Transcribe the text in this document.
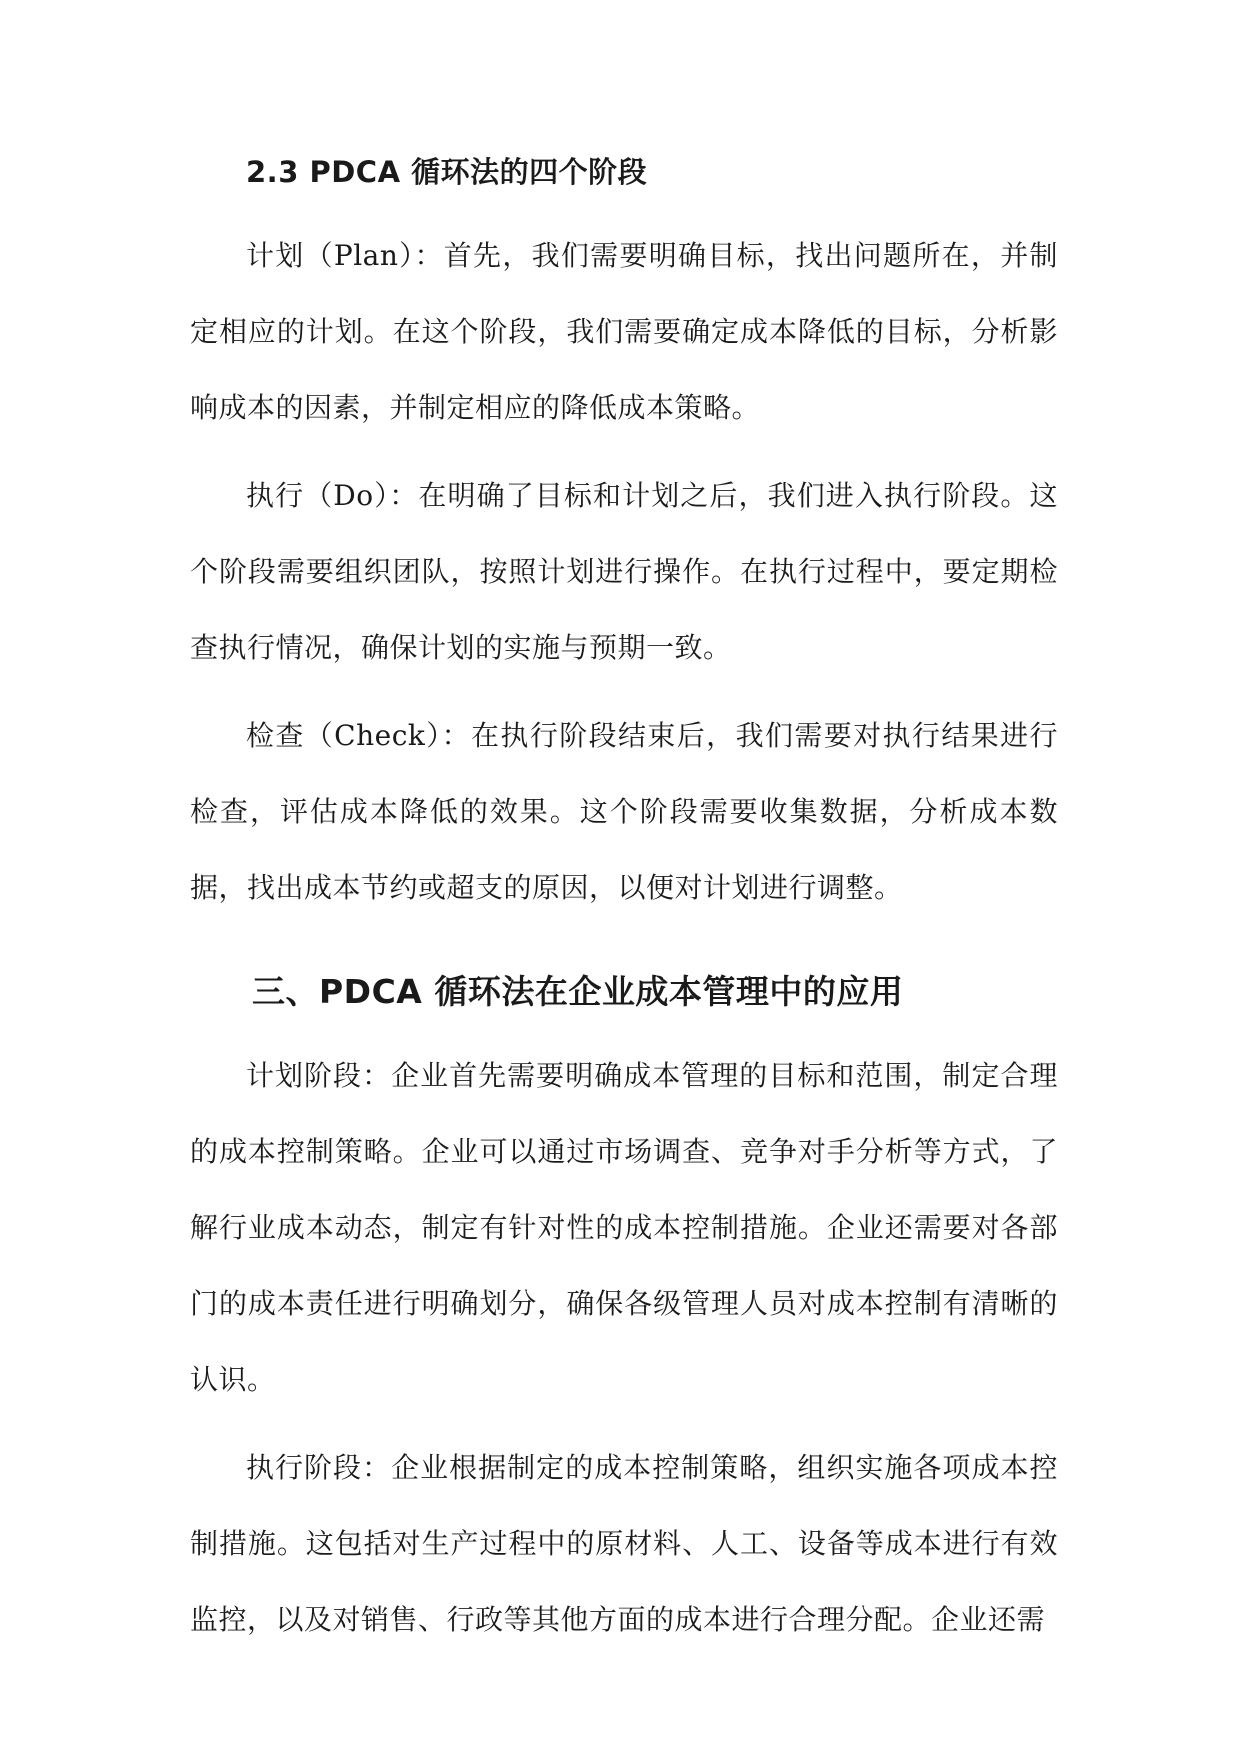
2.3 PDCA 循环法的四个阶段

计划（Plan）：首先，我们需要明确目标，找出问题所在，并制定相应的计划。在这个阶段，我们需要确定成本降低的目标，分析影响成本的因素，并制定相应的降低成本策略。

执行（Do）：在明确了目标和计划之后，我们进入执行阶段。这个阶段需要组织团队，按照计划进行操作。在执行过程中，要定期检查执行情况，确保计划的实施与预期一致。

检查（Check）：在执行阶段结束后，我们需要对执行结果进行检查，评估成本降低的效果。这个阶段需要收集数据，分析成本数据，找出成本节约或超支的原因，以便对计划进行调整。

三、PDCA 循环法在企业成本管理中的应用

计划阶段：企业首先需要明确成本管理的目标和范围，制定合理的成本控制策略。企业可以通过市场调查、竞争对手分析等方式，了解行业成本动态，制定有针对性的成本控制措施。企业还需要对各部门的成本责任进行明确划分，确保各级管理人员对成本控制有清晰的认识。

执行阶段：企业根据制定的成本控制策略，组织实施各项成本控制措施。这包括对生产过程中的原材料、人工、设备等成本进行有效监控，以及对销售、行政等其他方面的成本进行合理分配。企业还需
